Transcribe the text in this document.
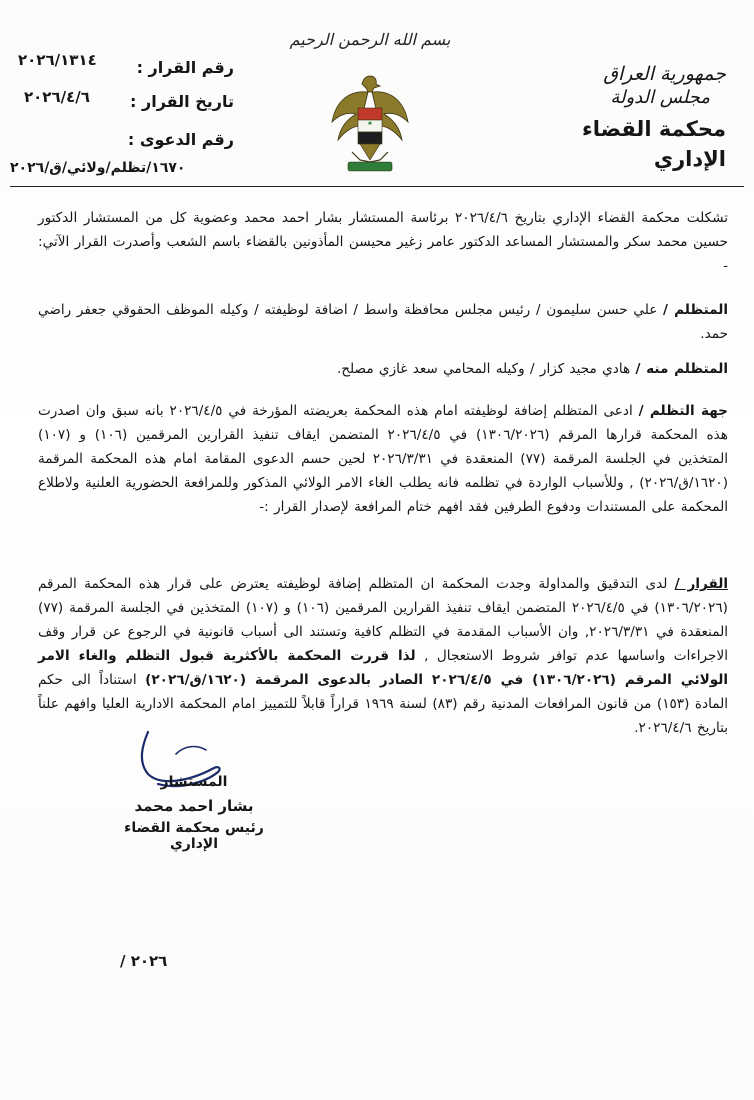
بسم الله الرحمن الرحيم
جمهورية العراق
مجلس الدولة
محكمة القضاء الإداري
رقم القرار :
٢٠٢٦/١٣١٤
تاريخ القرار :
٢٠٢٦/٤/٦
رقم الدعوى :
١٦٧٠/تظلم/ولائي/ق/٢٠٢٦
✱
تشكلت محكمة القضاء الإداري بتاريخ ٢٠٢٦/٤/٦ برئاسة المستشار بشار احمد محمد وعضوية كل من المستشار الدكتور حسين محمد سكر والمستشار المساعد الدكتور عامر زغير محيسن المأذونين بالقضاء باسم الشعب وأصدرت القرار الآتي: -
المتظلم / علي حسن سليمون / رئيس مجلس محافظة واسط / اضافة لوظيفته / وكيله الموظف الحقوقي جعفر راضي حمد.
المتظلم منه / هادي مجيد كزار / وكيله المحامي سعد غازي مصلح.
جهة التظلم / ادعى المتظلم إضافة لوظيفته امام هذه المحكمة بعريضته المؤرخة في ٢٠٢٦/٤/٥ بانه سبق وان اصدرت هذه المحكمة قرارها المرقم (١٣٠٦/٢٠٢٦) في ٢٠٢٦/٤/٥ المتضمن ايقاف تنفيذ القرارين المرقمين (١٠٦) و (١٠٧) المتخذين في الجلسة المرقمة (٧٧) المنعقدة في ٢٠٢٦/٣/٣١ لحين حسم الدعوى المقامة امام هذه المحكمة المرقمة (١٦٢٠/ق/٢٠٢٦) , وللأسباب الواردة في تظلمه فانه يطلب الغاء الامر الولائي المذكور وللمرافعة الحضورية العلنية ولاطلاع المحكمة على المستندات ودفوع الطرفين فقد افهم ختام المرافعة لإصدار القرار :-
القرار / لدى التدقيق والمداولة وجدت المحكمة ان المتظلم إضافة لوظيفته يعترض على قرار هذه المحكمة المرقم (١٣٠٦/٢٠٢٦) في ٢٠٢٦/٤/٥ المتضمن ايقاف تنفيذ القرارين المرقمين (١٠٦) و (١٠٧) المتخذين في الجلسة المرقمة (٧٧) المنعقدة في ٢٠٢٦/٣/٣١, وان الأسباب المقدمة في التظلم كافية وتستند الى أسباب قانونية في الرجوع عن قرار وقف الاجراءات واساسها عدم توافر شروط الاستعجال , لذا قررت المحكمة بالأكثرية قبول التظلم والغاء الامر الولائي المرقم (١٣٠٦/٢٠٢٦) في ٢٠٢٦/٤/٥ الصادر بالدعوى المرقمة (١٦٢٠/ق/٢٠٢٦) استناداً الى حكم المادة (١٥٣) من قانون المرافعات المدنية رقم (٨٣) لسنة ١٩٦٩ قراراً قابلاً للتمييز امام المحكمة الادارية العليا وافهم علناً بتاريخ ٢٠٢٦/٤/٦.
المستشار
بشار احمد محمد
رئيس محكمة القضاء الإداري
/ ٢٠٢٦
